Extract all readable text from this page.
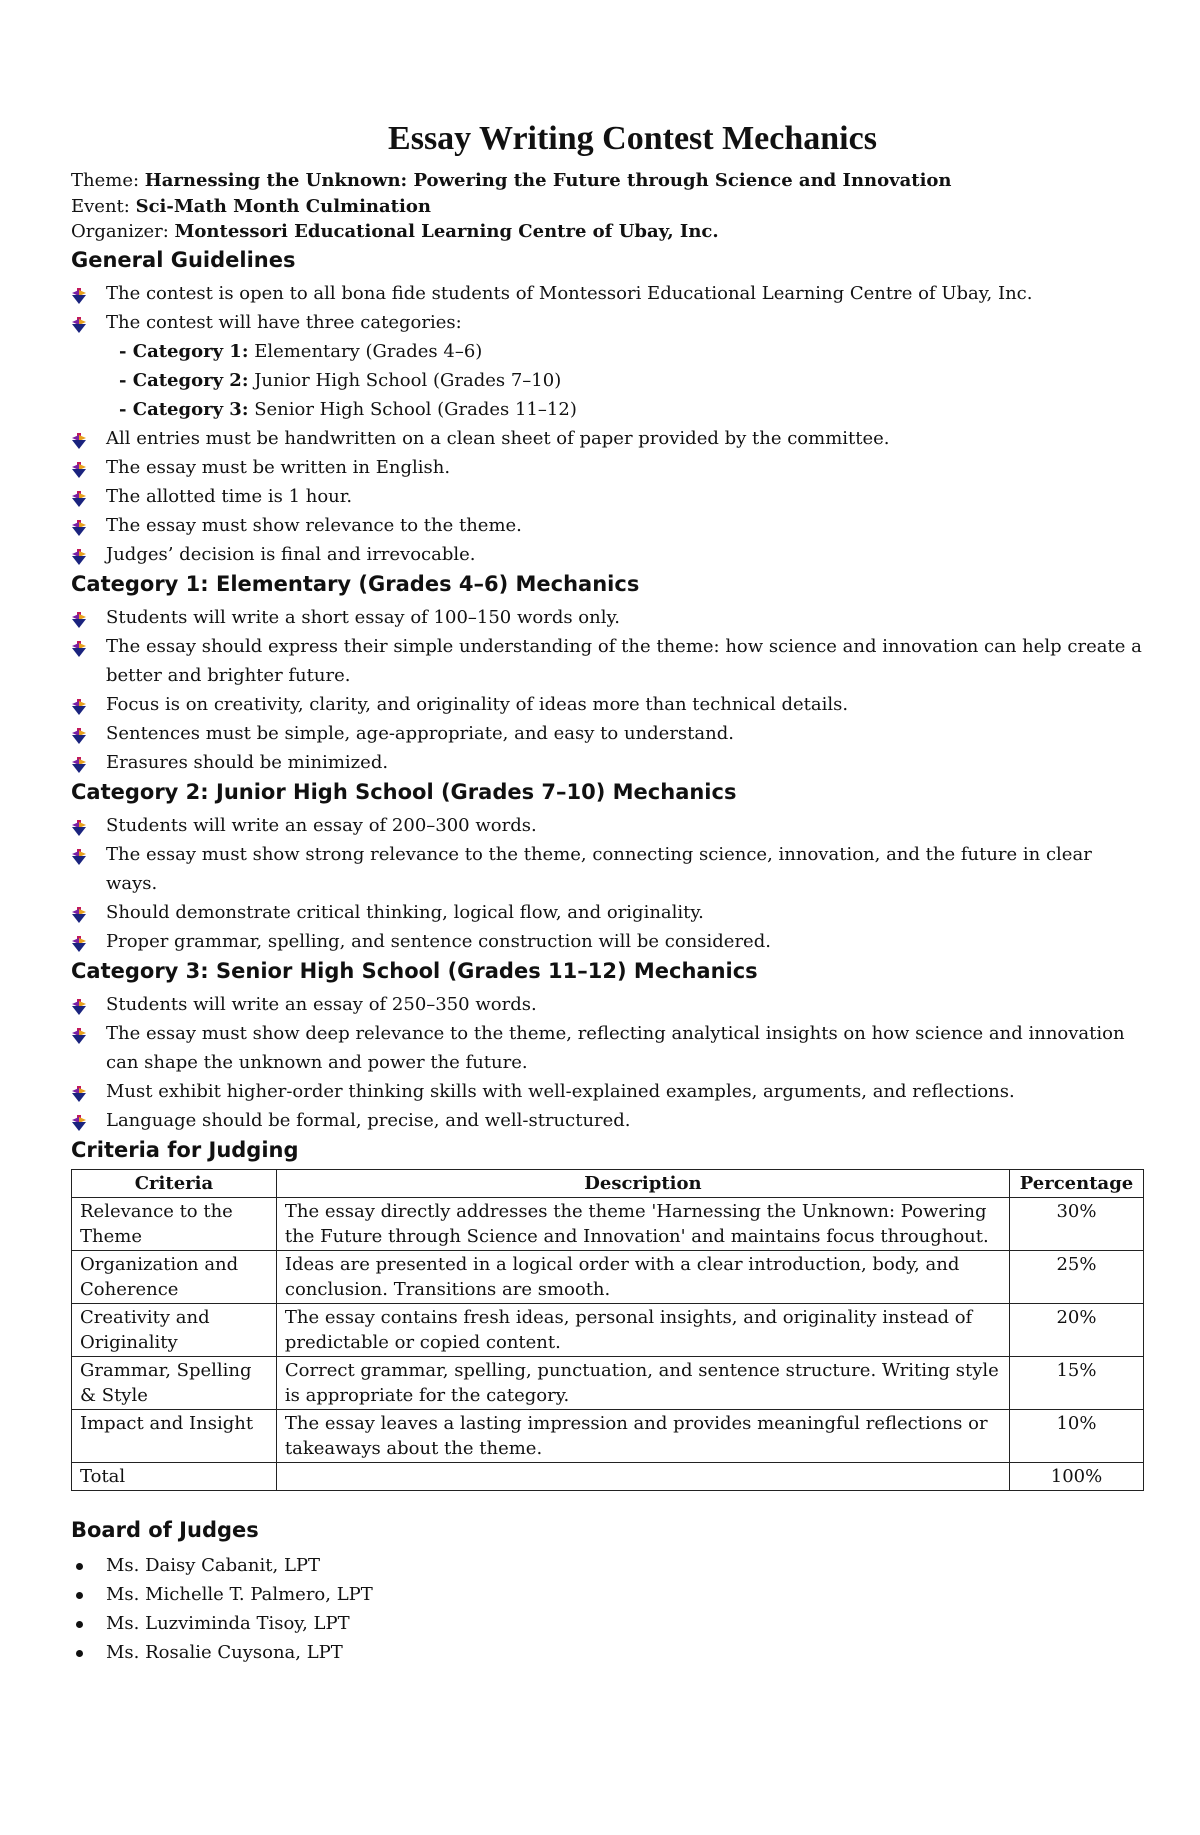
Essay Writing Contest Mechanics
Theme: Harnessing the Unknown: Powering the Future through Science and Innovation
Event: Sci-Math Month Culmination
Organizer: Montessori Educational Learning Centre of Ubay, Inc.
General Guidelines
The contest is open to all bona fide students of Montessori Educational Learning Centre of Ubay, Inc.
The contest will have three categories:
- Category 1: Elementary (Grades 4–6)
- Category 2: Junior High School (Grades 7–10)
- Category 3: Senior High School (Grades 11–12)
All entries must be handwritten on a clean sheet of paper provided by the committee.
The essay must be written in English.
The allotted time is 1 hour.
The essay must show relevance to the theme.
Judges’ decision is final and irrevocable.
Category 1: Elementary (Grades 4–6) Mechanics
Students will write a short essay of 100–150 words only.
The essay should express their simple understanding of the theme: how science and innovation can help create a better and brighter future.
Focus is on creativity, clarity, and originality of ideas more than technical details.
Sentences must be simple, age-appropriate, and easy to understand.
Erasures should be minimized.
Category 2: Junior High School (Grades 7–10) Mechanics
Students will write an essay of 200–300 words.
The essay must show strong relevance to the theme, connecting science, innovation, and the future in clear ways.
Should demonstrate critical thinking, logical flow, and originality.
Proper grammar, spelling, and sentence construction will be considered.
Category 3: Senior High School (Grades 11–12) Mechanics
Students will write an essay of 250–350 words.
The essay must show deep relevance to the theme, reflecting analytical insights on how science and innovation can shape the unknown and power the future.
Must exhibit higher-order thinking skills with well-explained examples, arguments, and reflections.
Language should be formal, precise, and well-structured.
Criteria for Judging
Criteria	Description	Percentage
Relevance to the Theme	The essay directly addresses the theme 'Harnessing the Unknown: Powering the Future through Science and Innovation' and maintains focus throughout.	30%
Organization and Coherence	Ideas are presented in a logical order with a clear introduction, body, and conclusion. Transitions are smooth.	25%
Creativity and Originality	The essay contains fresh ideas, personal insights, and originality instead of predictable or copied content.	20%
Grammar, Spelling & Style	Correct grammar, spelling, punctuation, and sentence structure. Writing style is appropriate for the category.	15%
Impact and Insight	The essay leaves a lasting impression and provides meaningful reflections or takeaways about the theme.	10%
Total		100%
Board of Judges
Ms. Daisy Cabanit, LPT
Ms. Michelle T. Palmero, LPT
Ms. Luzviminda Tisoy, LPT
Ms. Rosalie Cuysona, LPT
